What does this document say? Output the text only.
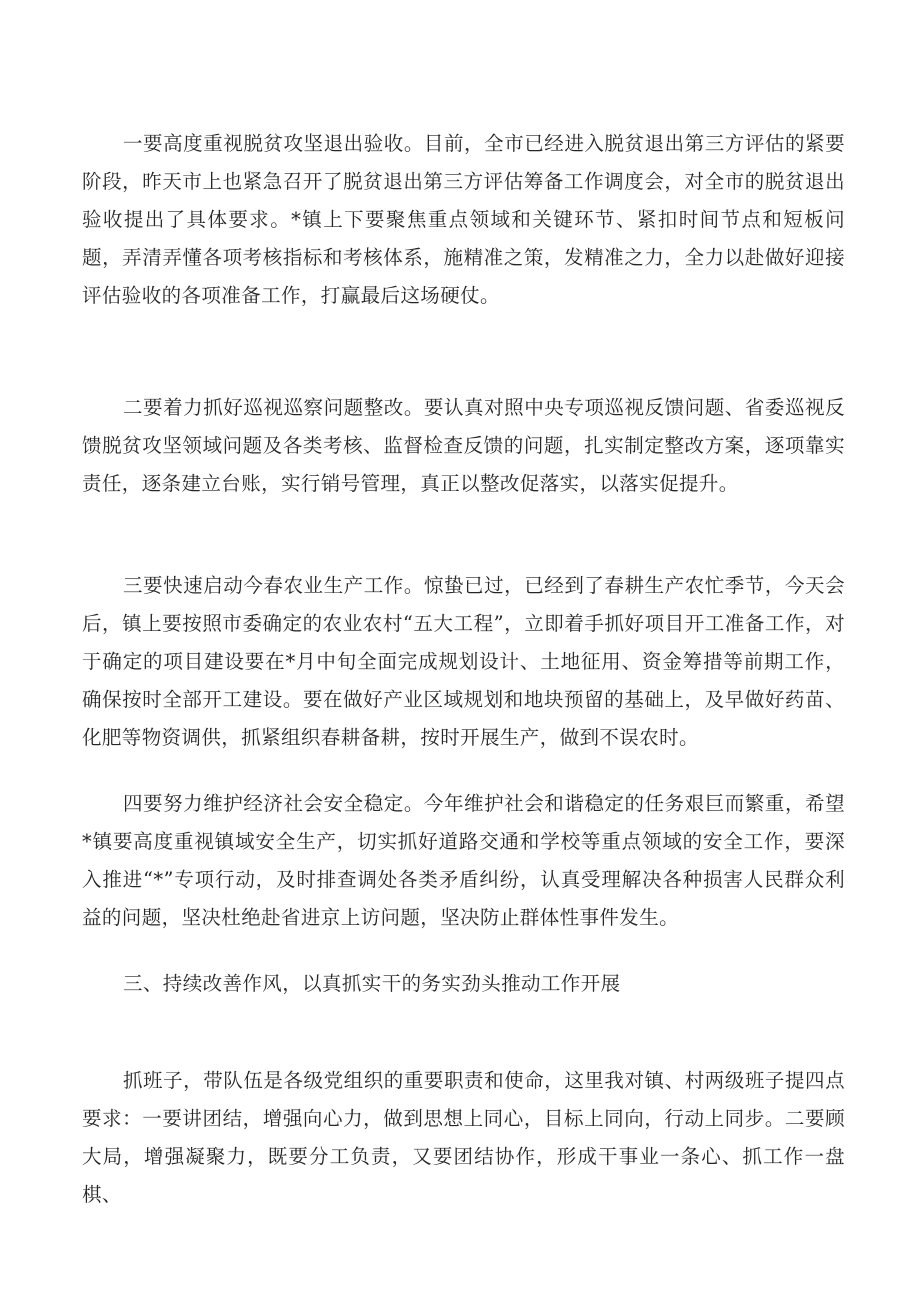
一要高度重视脱贫攻坚退出验收。目前，全市已经进入脱贫退出第三方评估的紧要阶段，昨天市上也紧急召开了脱贫退出第三方评估筹备工作调度会，对全市的脱贫退出验收提出了具体要求。*镇上下要聚焦重点领域和关键环节、紧扣时间节点和短板问题，弄清弄懂各项考核指标和考核体系，施精准之策，发精准之力，全力以赴做好迎接评估验收的各项准备工作，打赢最后这场硬仗。

二要着力抓好巡视巡察问题整改。要认真对照中央专项巡视反馈问题、省委巡视反馈脱贫攻坚领域问题及各类考核、监督检查反馈的问题，扎实制定整改方案，逐项靠实责任，逐条建立台账，实行销号管理，真正以整改促落实，以落实促提升。

三要快速启动今春农业生产工作。惊蛰已过，已经到了春耕生产农忙季节，今天会后，镇上要按照市委确定的农业农村“五大工程”，立即着手抓好项目开工准备工作，对于确定的项目建设要在*月中旬全面完成规划设计、土地征用、资金筹措等前期工作，确保按时全部开工建设。要在做好产业区域规划和地块预留的基础上，及早做好药苗、化肥等物资调供，抓紧组织春耕备耕，按时开展生产，做到不误农时。

四要努力维护经济社会安全稳定。今年维护社会和谐稳定的任务艰巨而繁重，希望*镇要高度重视镇域安全生产，切实抓好道路交通和学校等重点领域的安全工作，要深入推进“*”专项行动，及时排查调处各类矛盾纠纷，认真受理解决各种损害人民群众利益的问题，坚决杜绝赴省进京上访问题，坚决防止群体性事件发生。

三、持续改善作风，以真抓实干的务实劲头推动工作开展

抓班子，带队伍是各级党组织的重要职责和使命，这里我对镇、村两级班子提四点要求：一要讲团结，增强向心力，做到思想上同心，目标上同向，行动上同步。二要顾大局，增强凝聚力，既要分工负责，又要团结协作，形成干事业一条心、抓工作一盘棋、
